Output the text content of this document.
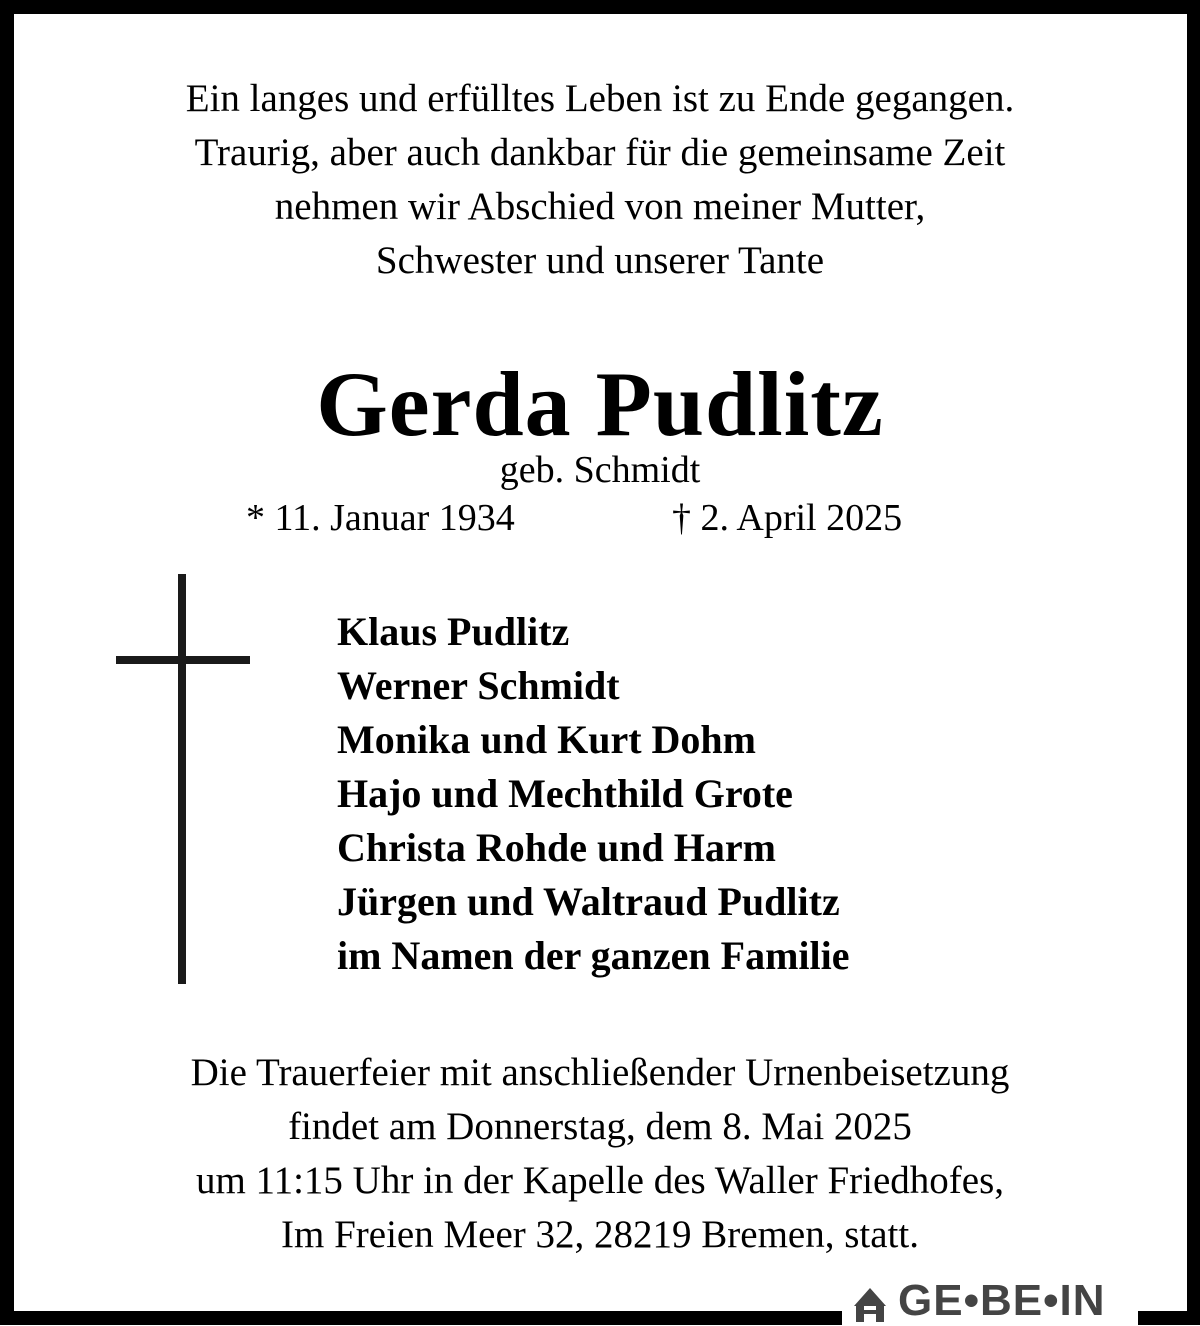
Ein langes und erfülltes Leben ist zu Ende gegangen.
Traurig, aber auch dankbar für die gemeinsame Zeit
nehmen wir Abschied von meiner Mutter,
Schwester und unserer Tante
Gerda Pudlitz
geb. Schmidt
* 11. Januar 1934	† 2. April 2025
Klaus Pudlitz
Werner Schmidt
Monika und Kurt Dohm
Hajo und Mechthild Grote
Christa Rohde und Harm
Jürgen und Waltraud Pudlitz
im Namen der ganzen Familie
Die Trauerfeier mit anschließender Urnenbeisetzung
findet am Donnerstag, dem 8. Mai 2025
um 11:15 Uhr in der Kapelle des Waller Friedhofes,
Im Freien Meer 32, 28219 Bremen, statt.
GE•BE•IN
